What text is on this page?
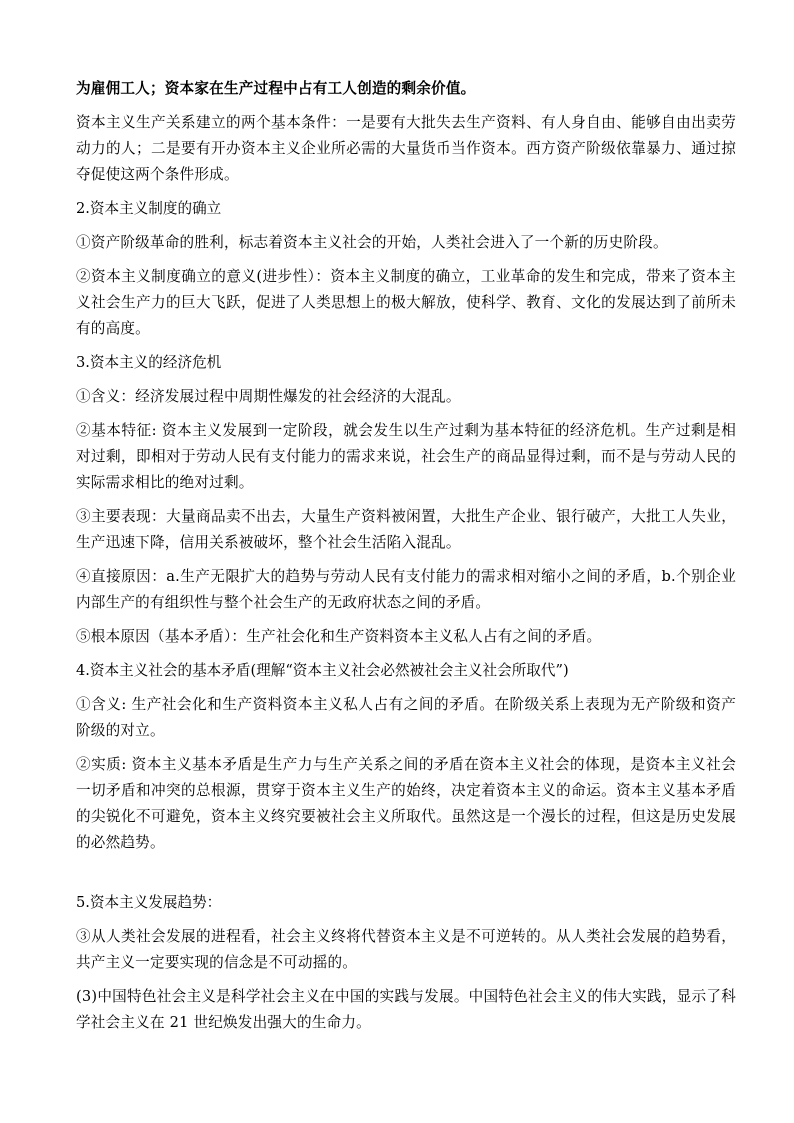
为雇佣工人；资本家在生产过程中占有工人创造的剩余价值。

资本主义生产关系建立的两个基本条件：一是要有大批失去生产资料、有人身自由、能够自由出卖劳动力的人；二是要有开办资本主义企业所必需的大量货币当作资本。西方资产阶级依靠暴力、通过掠夺促使这两个条件形成。

2.资本主义制度的确立

①资产阶级革命的胜利，标志着资本主义社会的开始，人类社会进入了一个新的历史阶段。

②资本主义制度确立的意义(进步性）：资本主义制度的确立，工业革命的发生和完成，带来了资本主义社会生产力的巨大飞跃，促进了人类思想上的极大解放，使科学、教育、文化的发展达到了前所未有的高度。

3.资本主义的经济危机

①含义：经济发展过程中周期性爆发的社会经济的大混乱。

②基本特征: 资本主义发展到一定阶段，就会发生以生产过剩为基本特征的经济危机。生产过剩是相对过剩，即相对于劳动人民有支付能力的需求来说，社会生产的商品显得过剩，而不是与劳动人民的实际需求相比的绝对过剩。

③主要表现：大量商品卖不出去，大量生产资料被闲置，大批生产企业、银行破产，大批工人失业，生产迅速下降，信用关系被破坏，整个社会生活陷入混乱。

④直接原因：a.生产无限扩大的趋势与劳动人民有支付能力的需求相对缩小之间的矛盾，b.个别企业内部生产的有组织性与整个社会生产的无政府状态之间的矛盾。

⑤根本原因（基本矛盾）：生产社会化和生产资料资本主义私人占有之间的矛盾。

4.资本主义社会的基本矛盾(理解“资本主义社会必然被社会主义社会所取代”)

①含义: 生产社会化和生产资料资本主义私人占有之间的矛盾。在阶级关系上表现为无产阶级和资产阶级的对立。

②实质: 资本主义基本矛盾是生产力与生产关系之间的矛盾在资本主义社会的体现，是资本主义社会一切矛盾和冲突的总根源，贯穿于资本主义生产的始终，决定着资本主义的命运。资本主义基本矛盾的尖锐化不可避免，资本主义终究要被社会主义所取代。虽然这是一个漫长的过程，但这是历史发展的必然趋势。

5.资本主义发展趋势：

③从人类社会发展的进程看，社会主义终将代替资本主义是不可逆转的。从人类社会发展的趋势看，共产主义一定要实现的信念是不可动摇的。

(3)中国特色社会主义是科学社会主义在中国的实践与发展。中国特色社会主义的伟大实践，显示了科学社会主义在 21 世纪焕发出强大的生命力。
